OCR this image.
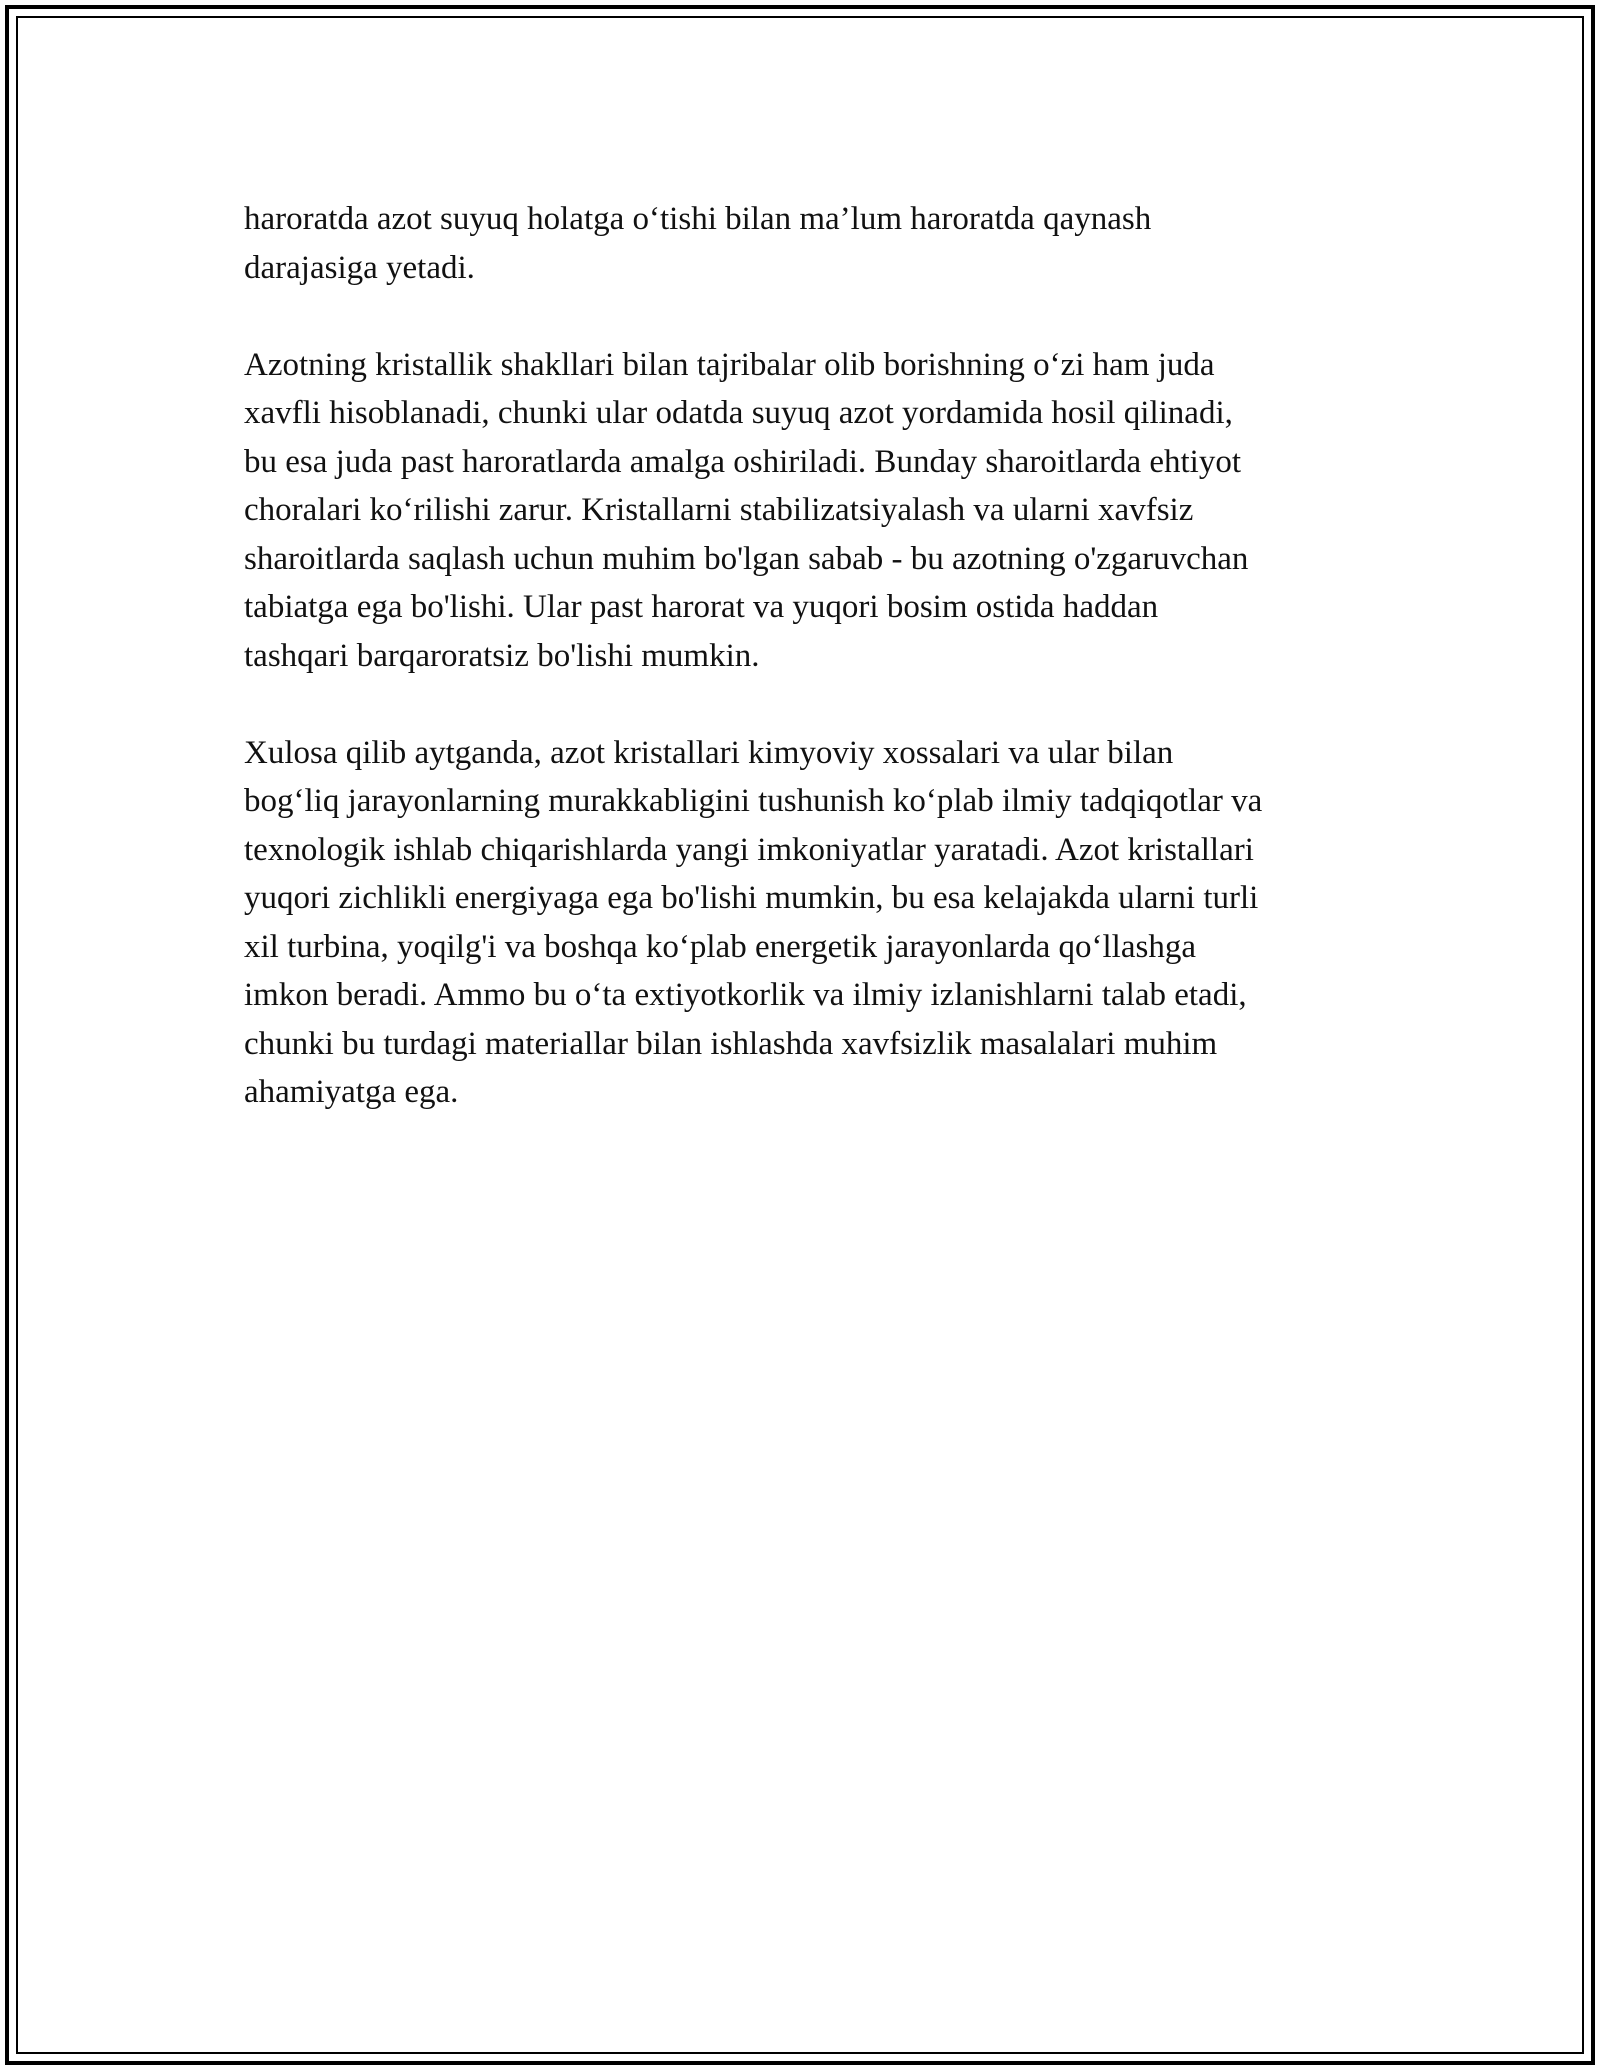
haroratda azot suyuq holatga o‘tishi bilan ma’lum haroratda qaynash
darajasiga yetadi.
Azotning kristallik shakllari bilan tajribalar olib borishning o‘zi ham juda
xavfli hisoblanadi, chunki ular odatda suyuq azot yordamida hosil qilinadi,
bu esa juda past haroratlarda amalga oshiriladi. Bunday sharoitlarda ehtiyot
choralari ko‘rilishi zarur. Kristallarni stabilizatsiyalash va ularni xavfsiz
sharoitlarda saqlash uchun muhim bo'lgan sabab - bu azotning o'zgaruvchan
tabiatga ega bo'lishi. Ular past harorat va yuqori bosim ostida haddan
tashqari barqaroratsiz bo'lishi mumkin.
Xulosa qilib aytganda, azot kristallari kimyoviy xossalari va ular bilan
bog‘liq jarayonlarning murakkabligini tushunish ko‘plab ilmiy tadqiqotlar va
texnologik ishlab chiqarishlarda yangi imkoniyatlar yaratadi. Azot kristallari
yuqori zichlikli energiyaga ega bo'lishi mumkin, bu esa kelajakda ularni turli
xil turbina, yoqilg'i va boshqa ko‘plab energetik jarayonlarda qo‘llashga
imkon beradi. Ammo bu o‘ta extiyotkorlik va ilmiy izlanishlarni talab etadi,
chunki bu turdagi materiallar bilan ishlashda xavfsizlik masalalari muhim
ahamiyatga ega.
